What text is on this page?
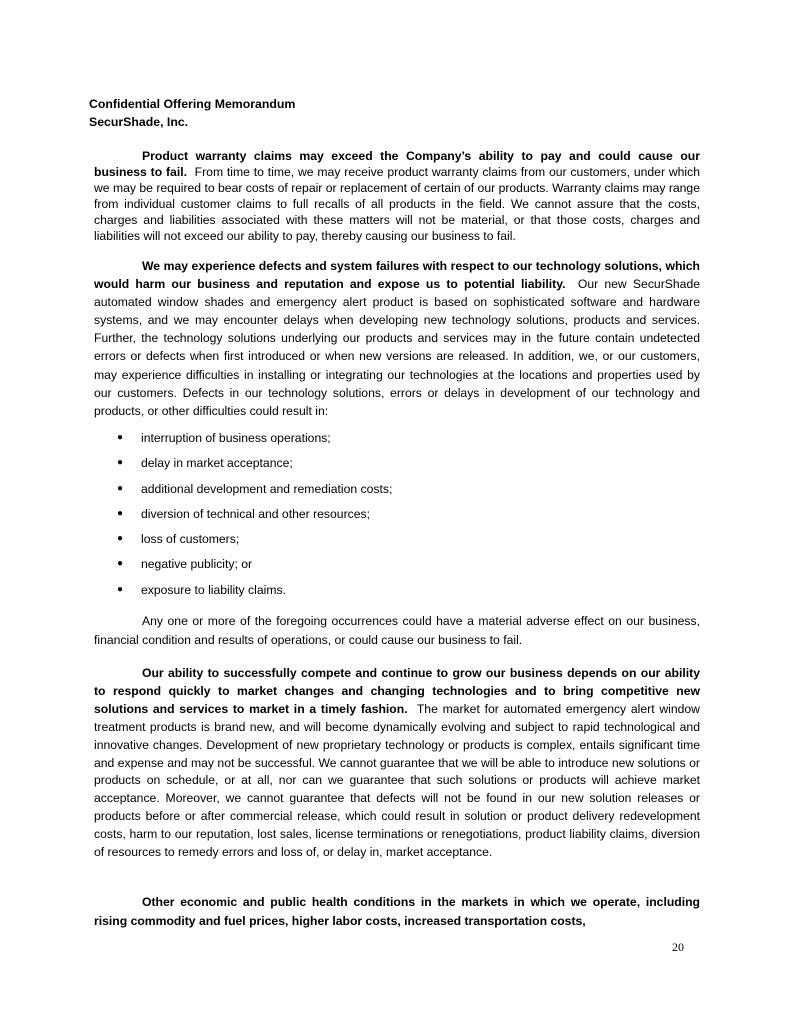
Confidential Offering Memorandum
SecurShade, Inc.

Product warranty claims may exceed the Company’s ability to pay and could cause our business to fail. From time to time, we may receive product warranty claims from our customers, under which we may be required to bear costs of repair or replacement of certain of our products. Warranty claims may range from individual customer claims to full recalls of all products in the field. We cannot assure that the costs, charges and liabilities associated with these matters will not be material, or that those costs, charges and liabilities will not exceed our ability to pay, thereby causing our business to fail.

We may experience defects and system failures with respect to our technology solutions, which would harm our business and reputation and expose us to potential liability. Our new SecurShade automated window shades and emergency alert product is based on sophisticated software and hardware systems, and we may encounter delays when developing new technology solutions, products and services. Further, the technology solutions underlying our products and services may in the future contain undetected errors or defects when first introduced or when new versions are released. In addition, we, or our customers, may experience difficulties in installing or integrating our technologies at the locations and properties used by our customers. Defects in our technology solutions, errors or delays in development of our technology and products, or other difficulties could result in:

● interruption of business operations;
● delay in market acceptance;
● additional development and remediation costs;
● diversion of technical and other resources;
● loss of customers;
● negative publicity; or
● exposure to liability claims.

Any one or more of the foregoing occurrences could have a material adverse effect on our business, financial condition and results of operations, or could cause our business to fail.

Our ability to successfully compete and continue to grow our business depends on our ability to respond quickly to market changes and changing technologies and to bring competitive new solutions and services to market in a timely fashion. The market for automated emergency alert window treatment products is brand new, and will become dynamically evolving and subject to rapid technological and innovative changes. Development of new proprietary technology or products is complex, entails significant time and expense and may not be successful. We cannot guarantee that we will be able to introduce new solutions or products on schedule, or at all, nor can we guarantee that such solutions or products will achieve market acceptance. Moreover, we cannot guarantee that defects will not be found in our new solution releases or products before or after commercial release, which could result in solution or product delivery redevelopment costs, harm to our reputation, lost sales, license terminations or renegotiations, product liability claims, diversion of resources to remedy errors and loss of, or delay in, market acceptance.

Other economic and public health conditions in the markets in which we operate, including rising commodity and fuel prices, higher labor costs, increased transportation costs,

20
